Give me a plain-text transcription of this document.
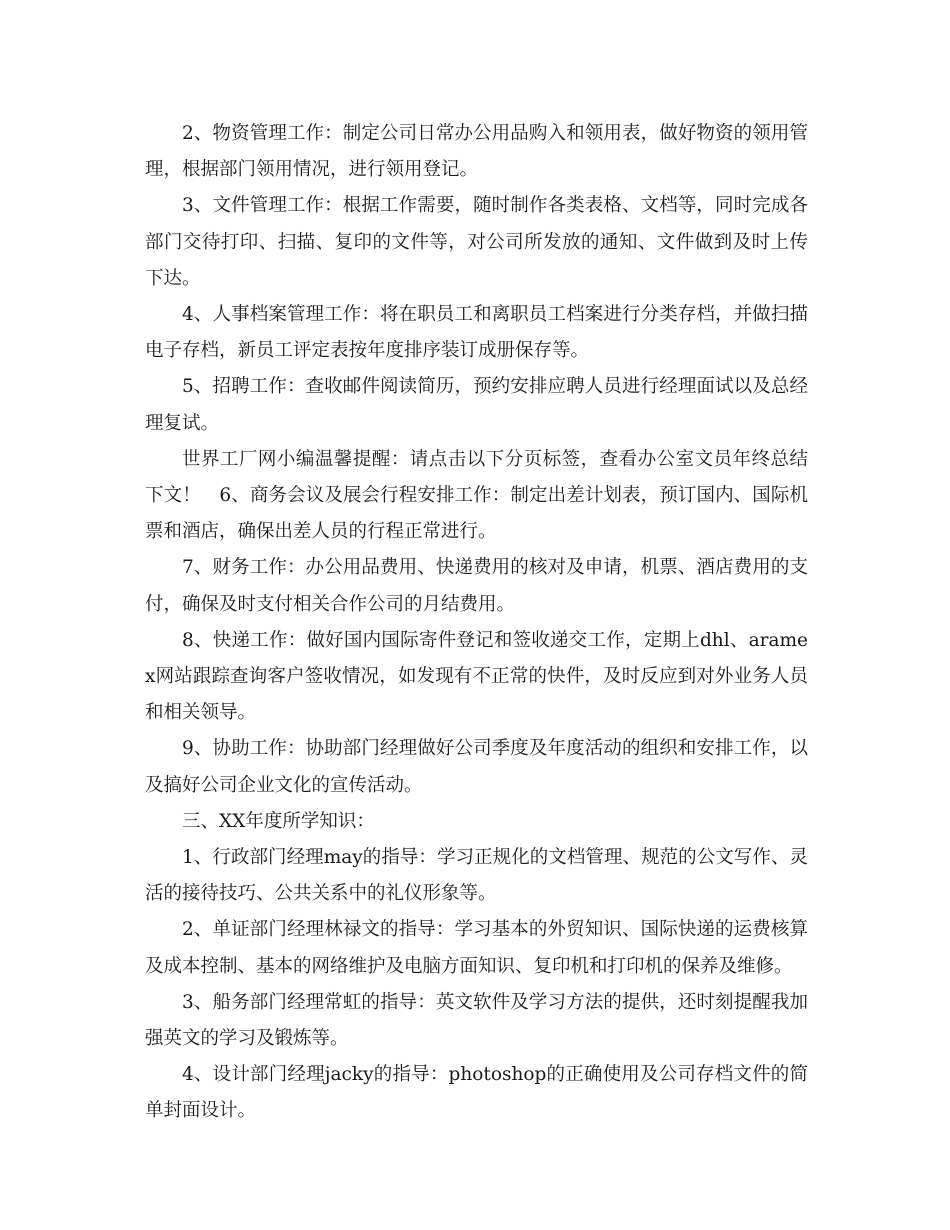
2、物资管理工作：制定公司日常办公用品购入和领用表，做好物资的领用管理，根据部门领用情况，进行领用登记。

3、文件管理工作：根据工作需要，随时制作各类表格、文档等，同时完成各部门交待打印、扫描、复印的文件等，对公司所发放的通知、文件做到及时上传下达。

4、人事档案管理工作：将在职员工和离职员工档案进行分类存档，并做扫描电子存档，新员工评定表按年度排序装订成册保存等。

5、招聘工作：查收邮件阅读简历，预约安排应聘人员进行经理面试以及总经理复试。

世界工厂网小编温馨提醒：请点击以下分页标签，查看办公室文员年终总结下文！　6、商务会议及展会行程安排工作：制定出差计划表，预订国内、国际机票和酒店，确保出差人员的行程正常进行。

7、财务工作：办公用品费用、快递费用的核对及申请，机票、酒店费用的支付，确保及时支付相关合作公司的月结费用。

8、快递工作：做好国内国际寄件登记和签收递交工作，定期上dhl、aramex网站跟踪查询客户签收情况，如发现有不正常的快件，及时反应到对外业务人员和相关领导。

9、协助工作：协助部门经理做好公司季度及年度活动的组织和安排工作，以及搞好公司企业文化的宣传活动。

三、XX年度所学知识：

1、行政部门经理may的指导：学习正规化的文档管理、规范的公文写作、灵活的接待技巧、公共关系中的礼仪形象等。

2、单证部门经理林禄文的指导：学习基本的外贸知识、国际快递的运费核算及成本控制、基本的网络维护及电脑方面知识、复印机和打印机的保养及维修。

3、船务部门经理常虹的指导：英文软件及学习方法的提供，还时刻提醒我加强英文的学习及锻炼等。

4、设计部门经理jacky的指导：photoshop的正确使用及公司存档文件的简单封面设计。
